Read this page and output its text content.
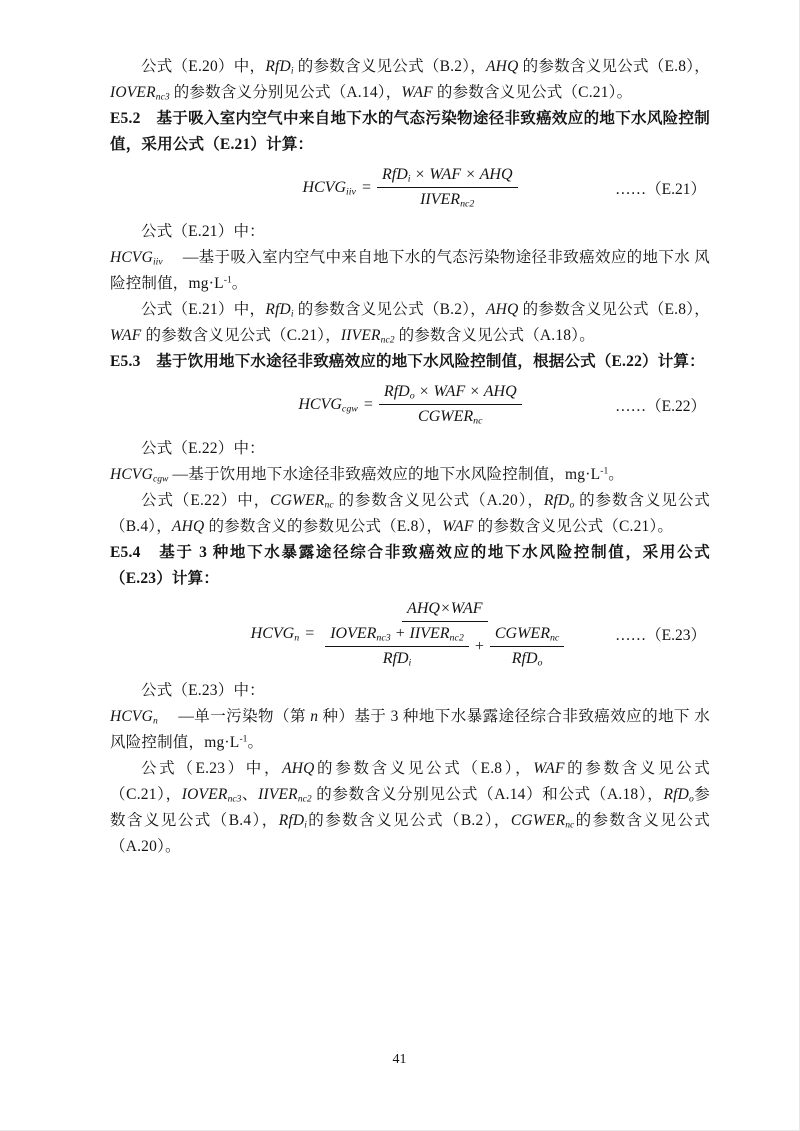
公式（E.20）中，RfD$_i$ 的参数含义见公式（B.2），AHQ 的参数含义见公式（E.8），$IOVER_{nc3}$ 的参数含义分别见公式（A.14），WAF 的参数含义见公式（C.21）。

E5.2　基于吸入室内空气中来自地下水的气态污染物途径非致癌效应的地下水风险控制值，采用公式（E.21）计算：

$HCVG_{iiv} = \frac{RfD_i \times WAF \times AHQ}{IIVER_{nc2}}$	……（E.21）

公式（E.21）中：

$HCVG_{iiv}$　 —基于吸入室内空气中来自地下水的气态污染物途径非致癌效应的地下水 风险控制值，$mg\cdot L^{-1}$。

公式（E.21）中，RfD$_i$ 的参数含义见公式（B.2），AHQ 的参数含义见公式（E.8），WAF 的参数含义见公式（C.21），$IIVER_{nc2}$ 的参数含义见公式（A.18）。

E5.3　基于饮用地下水途径非致癌效应的地下水风险控制值，根据公式（E.22）计算：

$HCVG_{cgw} = \frac{RfD_o \times WAF \times AHQ}{CGWER_{nc}}$	……（E.22）

公式（E.22）中：

$HCVG_{cgw}$ —基于饮用地下水途径非致癌效应的地下水风险控制值，$mg\cdot L^{-1}$。

公式（E.22）中，$CGWER_{nc}$ 的参数含义见公式（A.20），RfD$_o$ 的参数含义见公式（B.4），AHQ 的参数含义的参数见公式（E.8），WAF 的参数含义见公式（C.21）。

E5.4　基于 3 种地下水暴露途径综合非致癌效应的地下水风险控制值，采用公式（E.23）计算：

$HCVG_n$ =
AHQ×WAF
$\frac{IOVER_{nc3} + IIVER_{nc2}}{RfD_i} + \frac{CGWER_{nc}}{RfD_o}$	……（E.23）

公式（E.23）中：

$HCVG_n$　 —单一污染物（第 n 种）基于 3 种地下水暴露途径综合非致癌效应的地下 水风险控制值，$mg\cdot L^{-1}$。

公式（E.23）中，AHQ的参数含义见公式（E.8），WAF的参数含义见公式（C.21），$IOVER_{nc3}$、$IIVER_{nc2}$ 的参数含义分别见公式（A.14）和公式（A.18），RfD$_o$参数含义见公式（B.4），RfD$_i$的参数含义见公式（B.2），$CGWER_{nc}$的参数含义见公式（A.20）。

41
